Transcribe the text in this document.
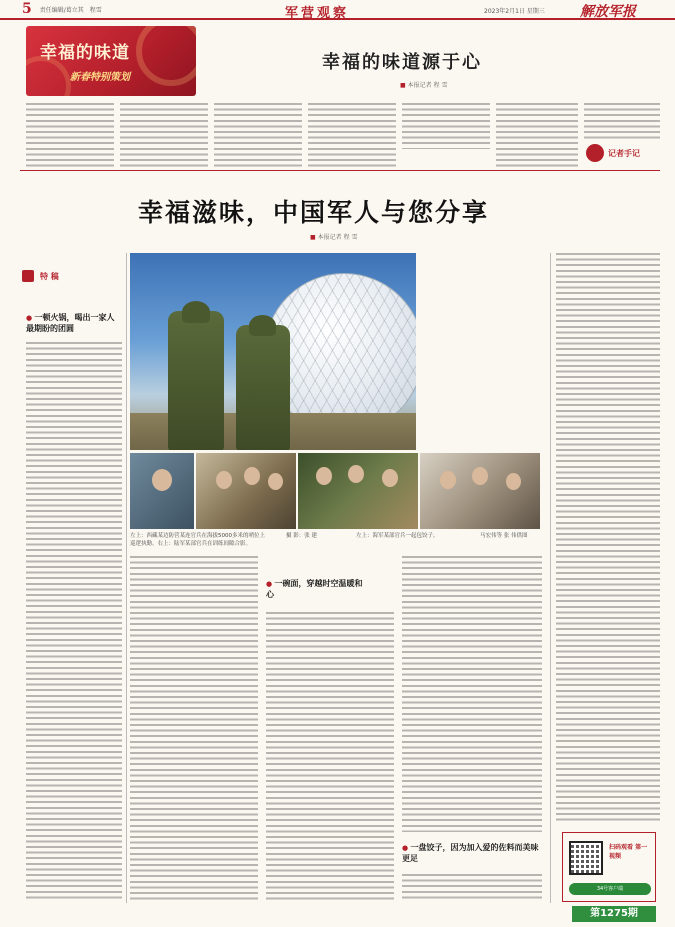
5 责任编辑/葛立其 程雪	军营观察	2023年2月1日 星期三	解放军报
幸福的味道
新春特别策划
幸福的味道源于心
■ 本报记者 程 雪
记者手记
幸福滋味，中国军人与您分享
■ 本报记者 程 雪
特 稿
● 一顿火锅，喝出一家人最期盼的团圆
左上：西藏某边防营某连官兵在海拔5000多米的哨位上巡逻执勤。右上：陆军某部官兵在训练间隙合影。
摄 影：张 建	左上：海军某部官兵一起包饺子。	马宏伟等 张 伟供图
● 一碗面，穿越时空温暖和心
● 一盘饺子，因为加入爱的佐料而美味更足
扫码观看 第一视频
34号客户端
第1275期
